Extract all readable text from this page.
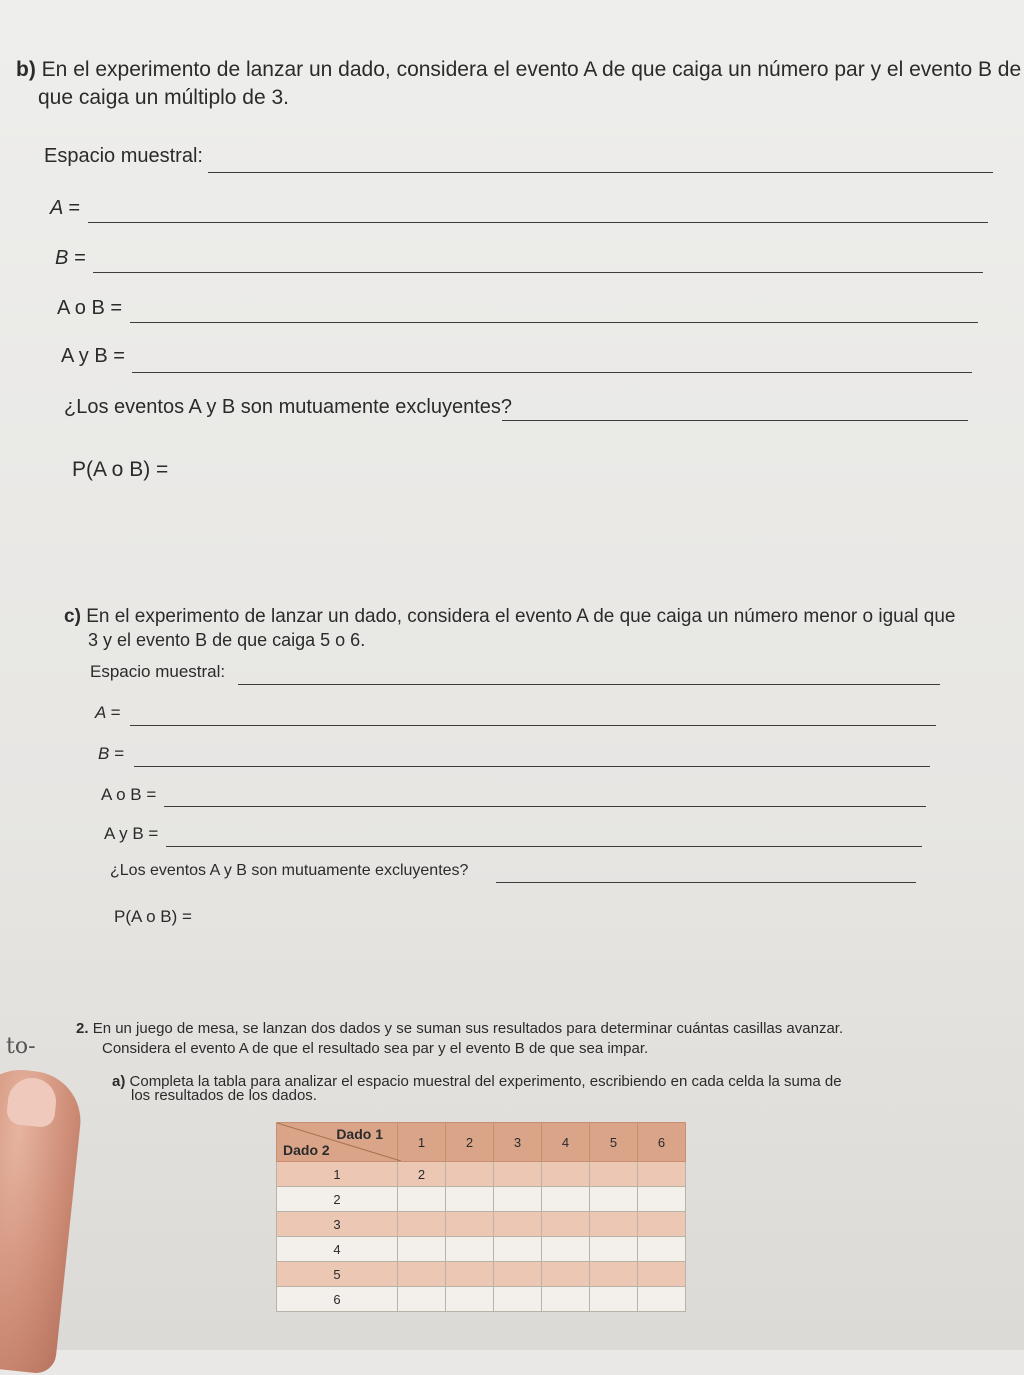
b) En el experimento de lanzar un dado, considera el evento A de que caiga un número par y el evento B de
que caiga un múltiplo de 3.
Espacio muestral:
A =
B =
A o B =
A y B =
¿Los eventos A y B son mutuamente excluyentes?
P(A o B) =
c) En el experimento de lanzar un dado, considera el evento A de que caiga un número menor o igual que
3 y el evento B de que caiga 5 o 6.
Espacio muestral:
A =
B =
A o B =
A y B =
¿Los eventos A y B son mutuamente excluyentes?
P(A o B) =
2. En un juego de mesa, se lanzan dos dados y se suman sus resultados para determinar cuántas casillas avanzar.
Considera el evento A de que el resultado sea par y el evento B de que sea impar.
a) Completa la tabla para analizar el espacio muestral del experimento, escribiendo en cada celda la suma de
los resultados de los dados.
to-
Dado 1
Dado 2	1	2	3	4	5	6
1	2					
2						
3						
4						
5						
6						
